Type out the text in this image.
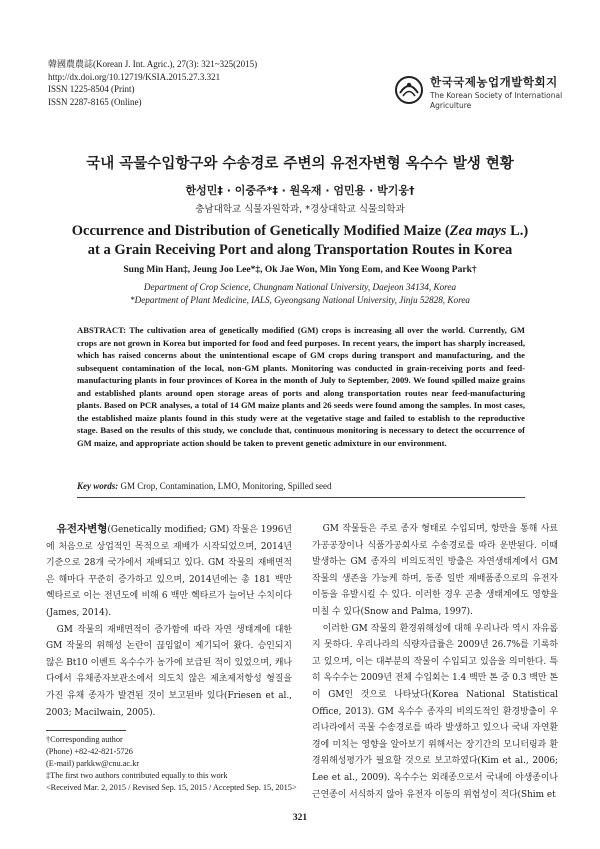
韓國農農誌(Korean J. Int. Agric.), 27(3): 321~325(2015)
http://dx.doi.org/10.12719/KSIA.2015.27.3.321
ISSN 1225-8504 (Print)
ISSN 2287-8165 (Online)
한국국제농업개발학회지
The Korean Society of International Agriculture
국내 곡물수입항구와 수송경로 주변의 유전자변형 옥수수 발생 현황
한성민‡ · 이중주*‡ · 원옥재 · 엄민용 · 박기웅†
충남대학교 식물자원학과, *경상대학교 식물의학과
Occurrence and Distribution of Genetically Modified Maize (Zea mays L.)
at a Grain Receiving Port and along Transportation Routes in Korea
Sung Min Han‡, Jeung Joo Lee*‡, Ok Jae Won, Min Yong Eom, and Kee Woong Park†
Department of Crop Science, Chungnam National University, Daejeon 34134, Korea
*Department of Plant Medicine, IALS, Gyeongsang National University, Jinju 52828, Korea
ABSTRACT: The cultivation area of genetically modified (GM) crops is increasing all over the world. Currently, GM crops are not grown in Korea but imported for food and feed purposes. In recent years, the import has sharply increased, which has raised concerns about the unintentional escape of GM crops during transport and manufacturing, and the subsequent contamination of the local, non-GM plants. Monitoring was conducted in grain-receiving ports and feed-manufacturing plants in four provinces of Korea in the month of July to September, 2009. We found spilled maize grains and established plants around open storage areas of ports and along transportation routes near feed-manufacturing plants. Based on PCR analyses, a total of 14 GM maize plants and 26 seeds were found among the samples. In most cases, the established maize plants found in this study were at the vegetative stage and failed to establish to the reproductive stage. Based on the results of this study, we conclude that, continuous monitoring is necessary to detect the occurrence of GM maize, and appropriate action should be taken to prevent genetic admixture in our environment.
Key words: GM Crop, Contamination, LMO, Monitoring, Spilled seed

유전자변형(Genetically modified; GM) 작물은 1996년에 처음으로 상업적인 목적으로 재배가 시작되었으며, 2014년 기준으로 28개 국가에서 재배되고 있다. GM 작물의 재배면적은 해마다 꾸준히 증가하고 있으며, 2014년에는 총 181 백만 헥타르로 이는 전년도에 비해 6 백만 헥타르가 늘어난 수치이다(James, 2014).

GM 작물의 재배면적이 증가함에 따라 자연 생태계에 대한 GM 작물의 위해성 논란이 끊임없이 제기되어 왔다. 승인되지 않은 Bt10 이벤트 옥수수가 농가에 보급된 적이 있었으며, 캐나다에서 유채종자보관소에서 의도치 않은 제초제저항성 형질을 가진 유채 종자가 발견된 것이 보고된바 있다(Friesen et al., 2003; Macilwain, 2005).

†Corresponding author
(Phone) +82-42-821-5726
(E-mail) parkkw@cnu.ac.kr
‡The first two authors contributed equally to this work
<Received Mar. 2, 2015 / Revised Sep. 15, 2015 / Accepted Sep. 15, 2015>

GM 작물들은 주로 종자 형태로 수입되며, 항만을 통해 사료가공공장이나 식품가공회사로 수송경로를 따라 운반된다. 이때 발생하는 GM 종자의 비의도적인 방출은 자연생태계에서 GM 작물의 생존을 가능케 하며, 동종 일반 재배품종으로의 유전자 이동을 유발시킬 수 있다. 이러한 경우 곤충 생태계에도 영향을 미칠 수 있다(Snow and Palma, 1997).

이러한 GM 작물의 환경위해성에 대해 우리나라 역시 자유롭지 못하다. 우리나라의 식량자급률은 2009년 26.7%를 기록하고 있으며, 이는 대부분의 작물이 수입되고 있음을 의미한다. 특히 옥수수는 2009년 전체 수입회는 1.4 백만 톤 중 0.3 백만 톤이 GM인 것으로 나타났다(Korea National Statistical Office, 2013). GM 옥수수 종자의 비의도적인 환경방출이 우리나라에서 곡물 수송경로를 따라 발생하고 있으나 국내 자연환경에 미치는 영향을 알아보기 위해서는 장기간의 모니터링과 환경위해성평가가 필요할 것으로 보고하였다(Kim et al., 2006; Lee et al., 2009). 옥수수는 외래종으로서 국내에 야생종이나 근연종이 서식하지 않아 유전자 이동의 위험성이 적다(Shim et

321
